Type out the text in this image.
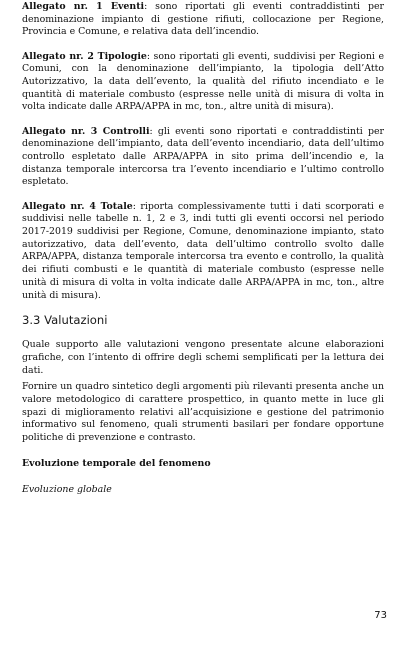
Allegato nr. 1 Eventi: sono riportati gli eventi contraddistinti per denominazione impianto di gestione rifiuti, collocazione per Regione, Provincia e Comune, e relativa data dell’incendio.

Allegato nr. 2 Tipologie: sono riportati gli eventi, suddivisi per Regioni e Comuni, con la denominazione dell’impianto, la tipologia dell’Atto Autorizzativo, la data dell’evento, la qualità del rifiuto incendiato e le quantità di materiale combusto (espresse nelle unità di misura di volta in volta indicate dalle ARPA/APPA in mc, ton., altre unità di misura).

Allegato nr. 3 Controlli: gli eventi sono riportati e contraddistinti per denominazione dell’impianto, data dell’evento incendiario, data dell’ultimo controllo espletato dalle ARPA/APPA in sito prima dell’incendio e, la distanza temporale intercorsa tra l’evento incendiario e l’ultimo controllo espletato.

Allegato nr. 4 Totale: riporta complessivamente tutti i dati scorporati e suddivisi nelle tabelle n. 1, 2 e 3, indi tutti gli eventi occorsi nel periodo 2017-2019 suddivisi per Regione, Comune, denominazione impianto, stato autorizzativo, data dell’evento, data dell’ultimo controllo svolto dalle ARPA/APPA, distanza temporale intercorsa tra evento e controllo, la qualità dei rifiuti combusti e le quantità di materiale combusto (espresse nelle unità di misura di volta in volta indicate dalle ARPA/APPA in mc, ton., altre unità di misura).

3.3 Valutazioni

Quale supporto alle valutazioni vengono presentate alcune elaborazioni grafiche, con l’intento di offrire degli schemi semplificati per la lettura dei dati.

Fornire un quadro sintetico degli argomenti più rilevanti presenta anche un valore metodologico di carattere prospettico, in quanto mette in luce gli spazi di miglioramento relativi all’acquisizione e gestione del patrimonio informativo sul fenomeno, quali strumenti basilari per fondare opportune politiche di prevenzione e contrasto.

Evoluzione temporale del fenomeno
Evoluzione globale
73
